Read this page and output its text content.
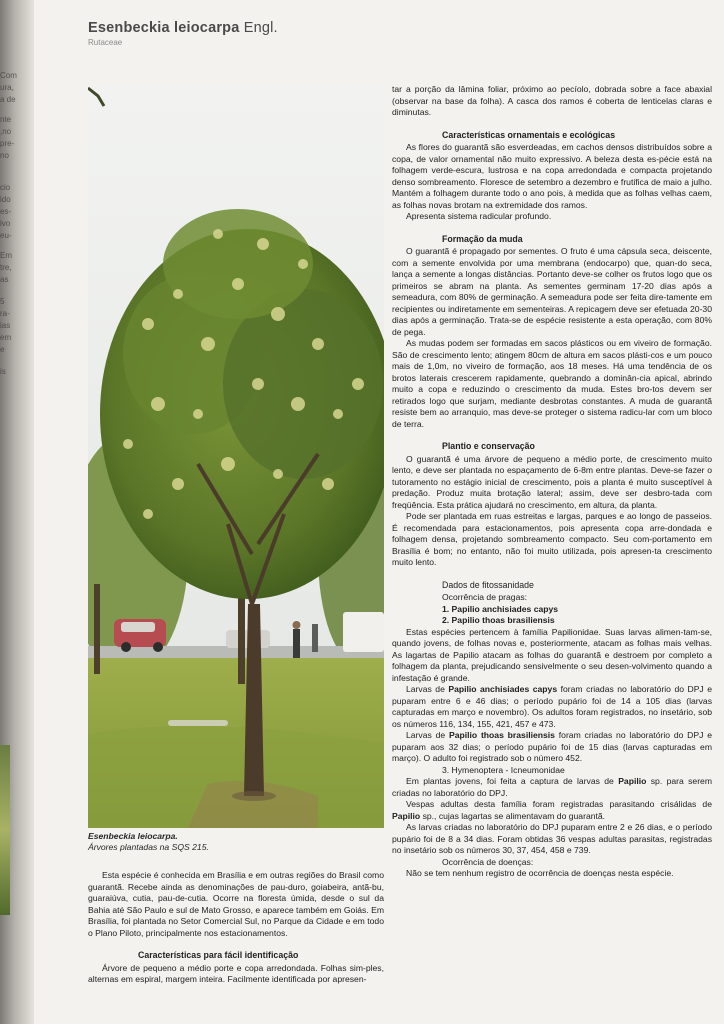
Com
ura,
a de
nte
,no
pre-
no
cio
ido
es-
ivo
eu-
Em
tre,
as
5
ra-
ias
em
e
is
Esenbeckia leiocarpa Engl.
Rutaceae
Esenbeckia leiocarpa.
Árvores plantadas na SQS 215.

Esta espécie é conhecida em Brasília e em outras regiões do Brasil como guarantã. Recebe ainda as denominações de pau-duro, goiabeira, antã-bu, guaraiúva, cutia, pau-de-cutia. Ocorre na floresta úmida, desde o sul da Bahia até São Paulo e sul de Mato Grosso, e aparece também em Goiás. Em Brasília, foi plantada no Setor Comercial Sul, no Parque da Cidade e em todo o Plano Piloto, principalmente nos estacionamentos.

Características para fácil identificação

Árvore de pequeno a médio porte e copa arredondada. Folhas sim-ples, alternas em espiral, margem inteira. Facilmente identificada por apresen-

tar a porção da lâmina foliar, próximo ao pecíolo, dobrada sobre a face abaxial (observar na base da folha). A casca dos ramos é coberta de lenticelas claras e diminutas.

Características ornamentais e ecológicas

As flores do guarantã são esverdeadas, em cachos densos distribuídos sobre a copa, de valor ornamental não muito expressivo. A beleza desta es-pécie está na folhagem verde-escura, lustrosa e na copa arredondada e compacta projetando denso sombreamento. Floresce de setembro a dezembro e frutifica de maio a julho. Mantém a folhagem durante todo o ano pois, à medida que as folhas velhas caem, as folhas novas brotam na extremidade dos ramos.

Apresenta sistema radicular profundo.

Formação da muda

O guarantã é propagado por sementes. O fruto é uma cápsula seca, deiscente, com a semente envolvida por uma membrana (endocarpo) que, quan-do seca, lança a semente a longas distâncias. Portanto deve-se colher os frutos logo que os primeiros se abram na planta. As sementes germinam 17-20 dias após a semeadura, com 80% de germinação. A semeadura pode ser feita dire-tamente em recipientes ou indiretamente em sementeiras. A repicagem deve ser efetuada 20-30 dias após a germinação. Trata-se de espécie resistente a esta operação, com 80% de pega.

As mudas podem ser formadas em sacos plásticos ou em viveiro de formação. São de crescimento lento; atingem 80cm de altura em sacos plásti-cos e um pouco mais de 1,0m, no viveiro de formação, aos 18 meses. Há uma tendência de os brotos laterais crescerem rapidamente, quebrando a dominân-cia apical, abrindo muito a copa e reduzindo o crescimento da muda. Estes bro-tos devem ser retirados logo que surjam, mediante desbrotas constantes. A muda de guarantã resiste bem ao arranquio, mas deve-se proteger o sistema radicu-lar com um bloco de terra.

Plantio e conservação

O guarantã é uma árvore de pequeno a médio porte, de crescimento muito lento, e deve ser plantada no espaçamento de 6-8m entre plantas. Deve-se fazer o tutoramento no estágio inicial de crescimento, pois a planta é muito susceptível à predação. Produz muita brotação lateral; assim, deve ser desbro-tada com freqüência. Esta prática ajudará no crescimento, em altura, da planta.

Pode ser plantada em ruas estreitas e largas, parques e ao longo de passeios. É recomendada para estacionamentos, pois apresenta copa arre-dondada e folhagem densa, projetando sombreamento compacto. Seu com-portamento em Brasília é bom; no entanto, não foi muito utilizada, pois apresen-ta crescimento muito lento.

Dados de fitossanidade
Ocorrência de pragas:
1. Papilio anchisiades capys
2. Papilio thoas brasiliensis

Estas espécies pertencem à família Papilionidae. Suas larvas alimen-tam-se, quando jovens, de folhas novas e, posteriormente, atacam as folhas mais velhas. As lagartas de Papilio atacam as folhas do guarantã e destroem por completo a folhagem da planta, prejudicando sensivelmente o seu desen-volvimento quando a infestação é grande.

Larvas de Papilio anchisiades capys foram criadas no laboratório do DPJ e puparam entre 6 e 46 dias; o período pupário foi de 14 a 105 dias (larvas capturadas em março e novembro). Os adultos foram registrados, no insetário, sob os números 116, 134, 155, 421, 457 e 473.

Larvas de Papilio thoas brasiliensis foram criadas no laboratório do DPJ e puparam aos 32 dias; o período pupário foi de 15 dias (larvas capturadas em março). O adulto foi registrado sob o número 452.

3. Hymenoptera - Icneumonidae

Em plantas jovens, foi feita a captura de larvas de Papilio sp. para serem criadas no laboratório do DPJ.

Vespas adultas desta família foram registradas parasitando crisálidas de Papilio sp., cujas lagartas se alimentavam do guarantã.

As larvas criadas no laboratório do DPJ puparam entre 2 e 26 dias, e o período pupário foi de 8 a 34 dias. Foram obtidas 36 vespas adultas parasitas, registradas no insetário sob os números 30, 37, 454, 458 e 739.

Ocorrência de doenças:

Não se tem nenhum registro de ocorrência de doenças nesta espécie.
